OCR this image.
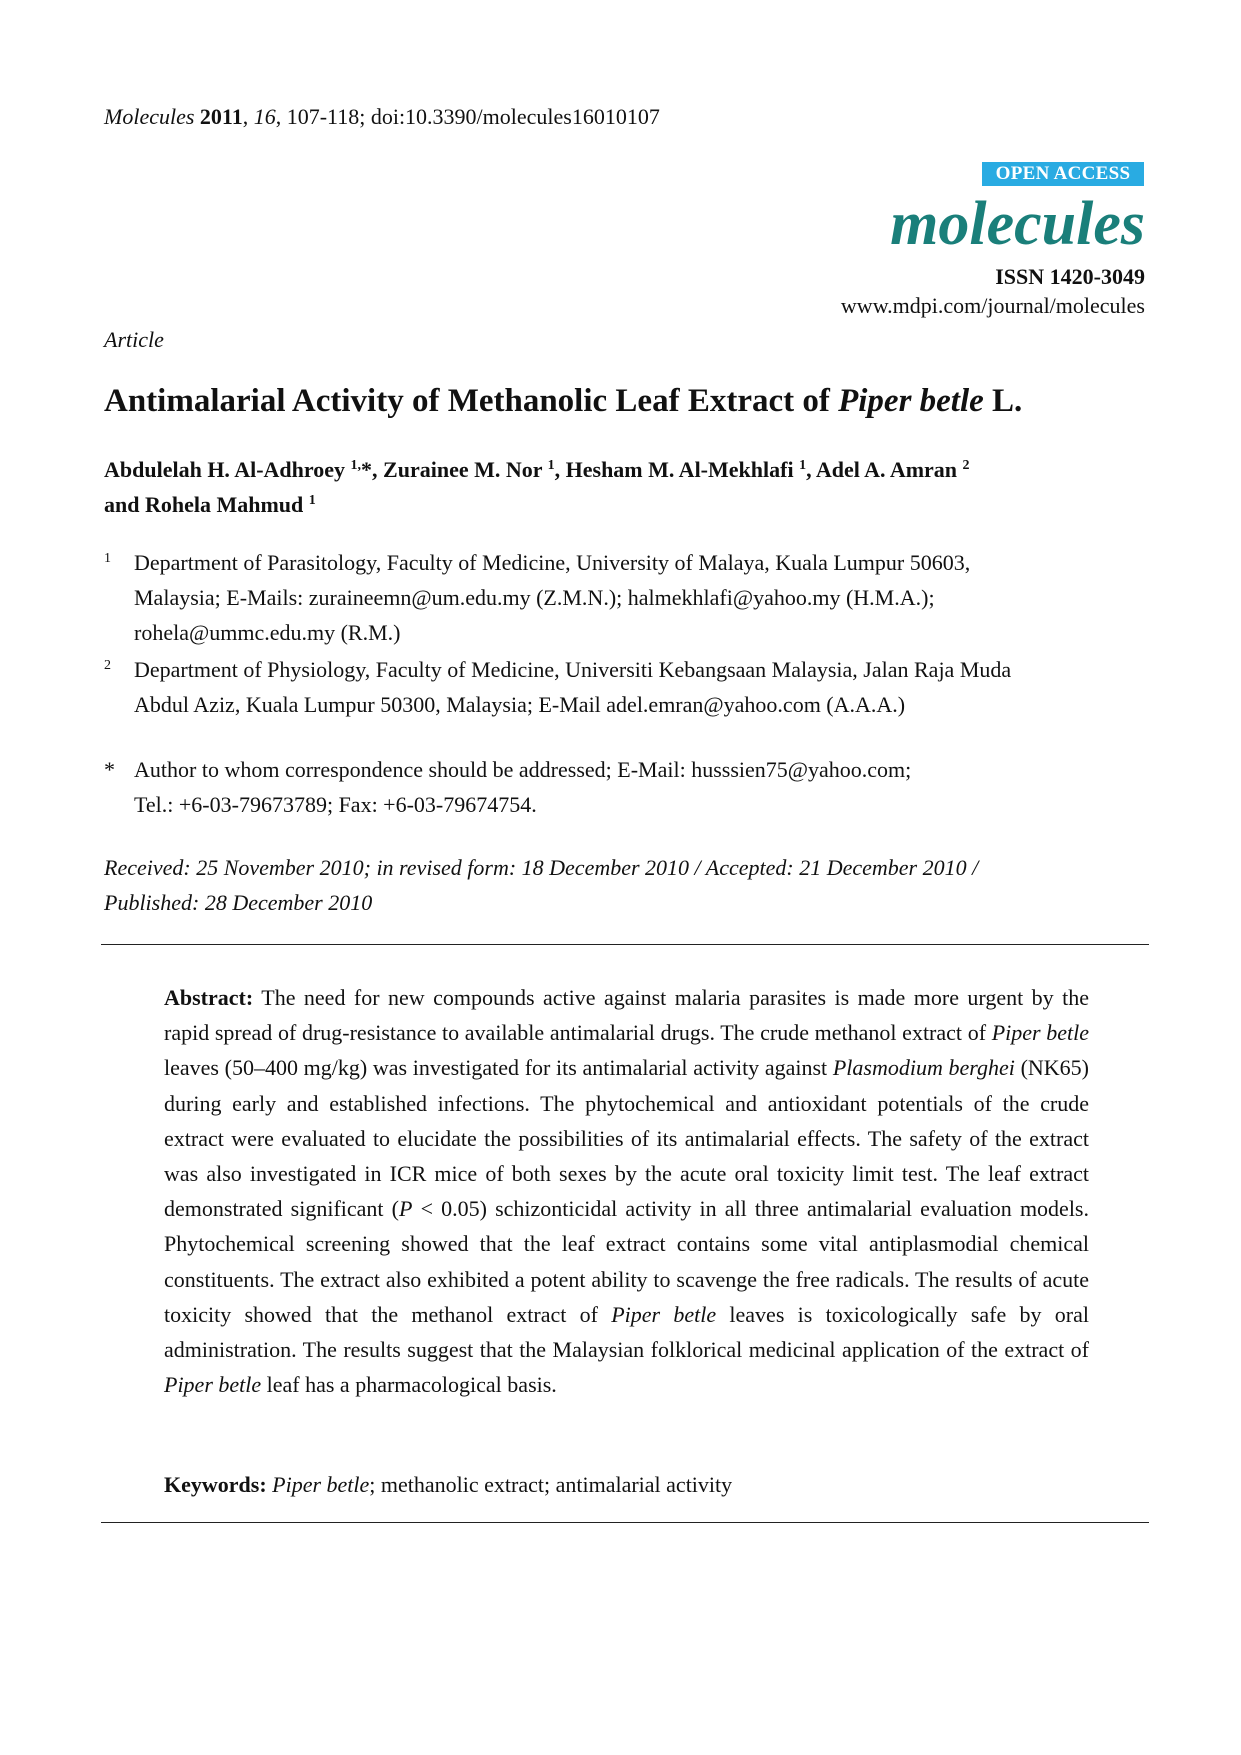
Molecules 2011, 16, 107-118; doi:10.3390/molecules16010107
OPEN ACCESS
molecules
ISSN 1420-3049
www.mdpi.com/journal/molecules
Article
Antimalarial Activity of Methanolic Leaf Extract of Piper betle L.
Abdulelah H. Al-Adhroey $^{1,}$*, Zurainee M. Nor $^1$, Hesham M. Al-Mekhlafi $^1$, Adel A. Amran $^2$
and Rohela Mahmud $^1$
1 Department of Parasitology, Faculty of Medicine, University of Malaya, Kuala Lumpur 50603,
Malaysia; E-Mails: zuraineemn@um.edu.my (Z.M.N.); halmekhlafi@yahoo.my (H.M.A.);
rohela@ummc.edu.my (R.M.)
2 Department of Physiology, Faculty of Medicine, Universiti Kebangsaan Malaysia, Jalan Raja Muda
Abdul Aziz, Kuala Lumpur 50300, Malaysia; E-Mail adel.emran@yahoo.com (A.A.A.)
* Author to whom correspondence should be addressed; E-Mail: husssien75@yahoo.com;
Tel.: +6-03-79673789; Fax: +6-03-79674754.
Received: 25 November 2010; in revised form: 18 December 2010 / Accepted: 21 December 2010 /
Published: 28 December 2010
Abstract: The need for new compounds active against malaria parasites is made more urgent by the rapid spread of drug-resistance to available antimalarial drugs. The crude methanol extract of Piper betle leaves (50–400 mg/kg) was investigated for its antimalarial activity against Plasmodium berghei (NK65) during early and established infections. The phytochemical and antioxidant potentials of the crude extract were evaluated to elucidate the possibilities of its antimalarial effects. The safety of the extract was also investigated in ICR mice of both sexes by the acute oral toxicity limit test. The leaf extract demonstrated significant (P < 0.05) schizonticidal activity in all three antimalarial evaluation models. Phytochemical screening showed that the leaf extract contains some vital antiplasmodial chemical constituents. The extract also exhibited a potent ability to scavenge the free radicals. The results of acute toxicity showed that the methanol extract of Piper betle leaves is toxicologically safe by oral administration. The results suggest that the Malaysian folklorical medicinal application of the extract of Piper betle leaf has a pharmacological basis.
Keywords: Piper betle; methanolic extract; antimalarial activity
